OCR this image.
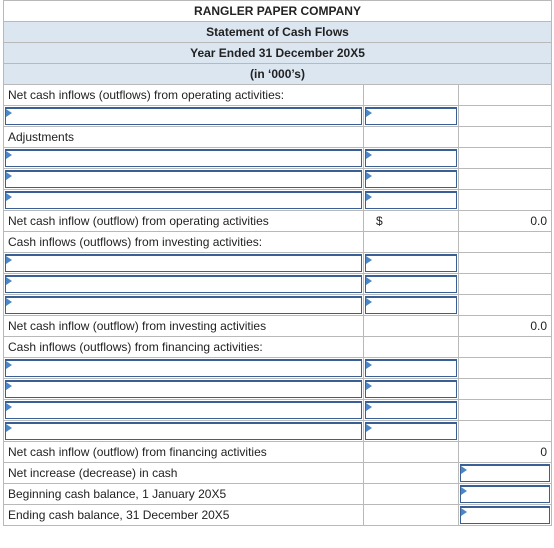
RANGLER PAPER COMPANY		
Statement of Cash Flows		
Year Ended 31 December 20X5		
(in ‘000’s)		
Net cash inflows (outflows) from operating activities:		

Adjustments		

Net cash inflow (outflow) from operating activities	$	0.0
Cash inflows (outflows) from investing activities:		

Net cash inflow (outflow) from investing activities		0.0
Cash inflows (outflows) from financing activities:		

Net cash inflow (outflow) from financing activities		0
Net increase (decrease) in cash		

Beginning cash balance, 1 January 20X5		

Ending cash balance, 31 December 20X5		
